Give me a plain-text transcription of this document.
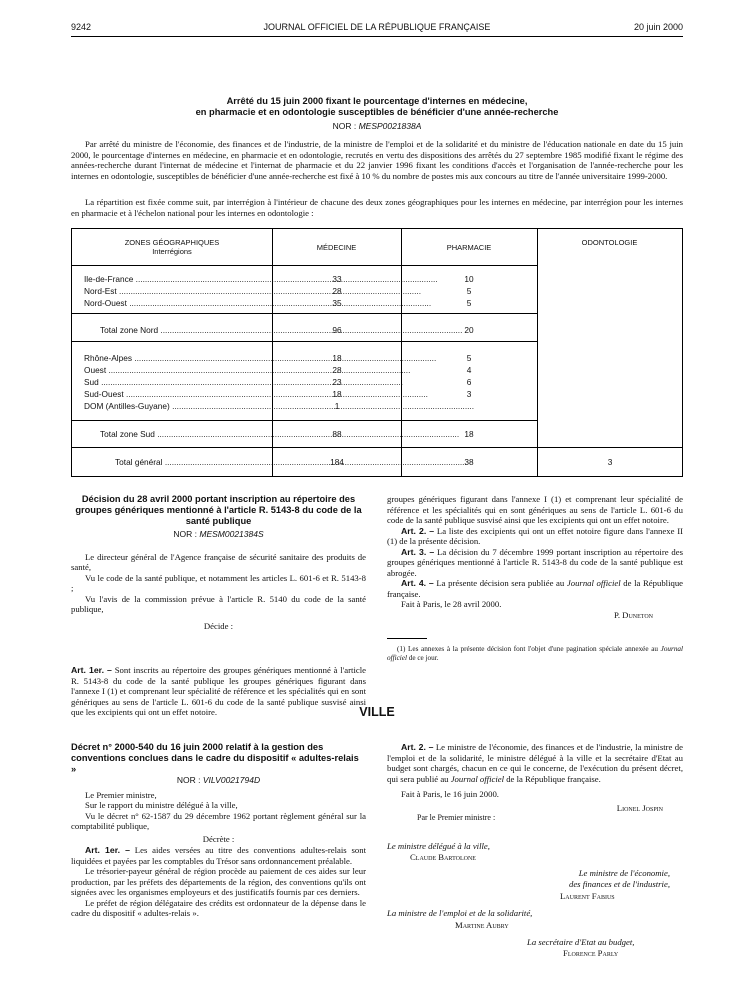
9242	JOURNAL OFFICIEL DE LA RÉPUBLIQUE FRANÇAISE	20 juin 2000
Arrêté du 15 juin 2000 fixant le pourcentage d'internes en médecine,
en pharmacie et en odontologie susceptibles de bénéficier d'une année-recherche
NOR : MESP0021838A
Par arrêté du ministre de l'économie, des finances et de l'industrie, de la ministre de l'emploi et de la solidarité et du ministre de l'éducation nationale en date du 15 juin 2000, le pourcentage d'internes en médecine, en pharmacie et en odontologie, recrutés en vertu des dispositions des arrêtés du 27 septembre 1985 modifié fixant le régime des années-recherche durant l'internat de médecine et l'internat de pharmacie et du 22 janvier 1996 fixant les conditions d'accès et l'organisation de l'année-recherche pour les internes en odontologie, susceptibles de bénéficier d'une année-recherche est fixé à 10 % du nombre de postes mis aux concours au titre de l'année universitaire 1999-2000.
La répartition est fixée comme suit, par interrégion à l'intérieur de chacune des deux zones géographiques pour les internes en médecine, par interrégion pour les internes en pharmacie et à l'échelon national pour les internes en odontologie :
ZONES GÉOGRAPHIQUES
Interrégions	MÉDECINE	PHARMACIE
ODONTOLOGIE
Ile-de-France .....	33	10
Nord-Est .....	28	5
Nord-Ouest .....	35	5
Total zone Nord .....	96	20
Rhône-Alpes .....	18	5
Ouest .....	28	4
Sud .....	23	6
Sud-Ouest .....	18	3
DOM (Antilles-Guyane) .....	1
Total zone Sud .....	88	18
Total général .....	184	38	3
Décision du 28 avril 2000 portant inscription au répertoire des groupes génériques mentionné à l'article R. 5143-8 du code de la santé publique
NOR : MESM0021384S

Le directeur général de l'Agence française de sécurité sanitaire des produits de santé,

Vu le code de la santé publique, et notamment les articles L. 601-6 et R. 5143-8 ;

Vu l'avis de la commission prévue à l'article R. 5140 du code de la santé publique,

Décide :

Art. 1er. – Sont inscrits au répertoire des groupes génériques mentionné à l'article R. 5143-8 du code de la santé publique les groupes génériques figurant dans l'annexe I (1) et comprenant leur spécialité de référence et les spécialités qui en sont génériques au sens de l'article L. 601-6 du code de la santé publique susvisé ainsi que les excipients qui ont un effet notoire.

groupes génériques figurant dans l'annexe I (1) et comprenant leur spécialité de référence et les spécialités qui en sont génériques au sens de l'article L. 601-6 du code de la santé publique susvisé ainsi que les excipients qui ont un effet notoire.

Art. 2. – La liste des excipients qui ont un effet notoire figure dans l'annexe II (1) de la présente décision.

Art. 3. – La décision du 7 décembre 1999 portant inscription au répertoire des groupes génériques mentionné à l'article R. 5143-8 du code de la santé publique est abrogée.

Art. 4. – La présente décision sera publiée au Journal officiel de la République française.

Fait à Paris, le 28 avril 2000.

P. Duneton

(1) Les annexes à la présente décision font l'objet d'une pagination spéciale annexée au Journal officiel de ce jour.
VILLE
Décret n° 2000-540 du 16 juin 2000 relatif à la gestion des conventions conclues dans le cadre du dispositif « adultes-relais »
NOR : VILV0021794D

Le Premier ministre,

Sur le rapport du ministre délégué à la ville,

Vu le décret n° 62-1587 du 29 décembre 1962 portant règlement général sur la comptabilité publique,

Décrète :

Art. 1er. – Les aides versées au titre des conventions adultes-relais sont liquidées et payées par les comptables du Trésor sans ordonnancement préalable.

Le trésorier-payeur général de région procède au paiement de ces aides sur leur production, par les préfets des départements de la région, des conventions qu'ils ont signées avec les organismes employeurs et des justificatifs fournis par ces derniers.

Le préfet de région délégataire des crédits est ordonnateur de la dépense dans le cadre du dispositif « adultes-relais ».

Art. 2. – Le ministre de l'économie, des finances et de l'industrie, la ministre de l'emploi et de la solidarité, le ministre délégué à la ville et la secrétaire d'Etat au budget sont chargés, chacun en ce qui le concerne, de l'exécution du présent décret, qui sera publié au Journal officiel de la République française.

Fait à Paris, le 16 juin 2000.

Lionel Jospin

Par le Premier ministre :

Le ministre délégué à la ville,
Claude Bartolone
Le ministre de l'économie,
des finances et de l'industrie,
Laurent Fabius
La ministre de l'emploi et de la solidarité,
Martine Aubry
La secrétaire d'Etat au budget,
Florence Parly
